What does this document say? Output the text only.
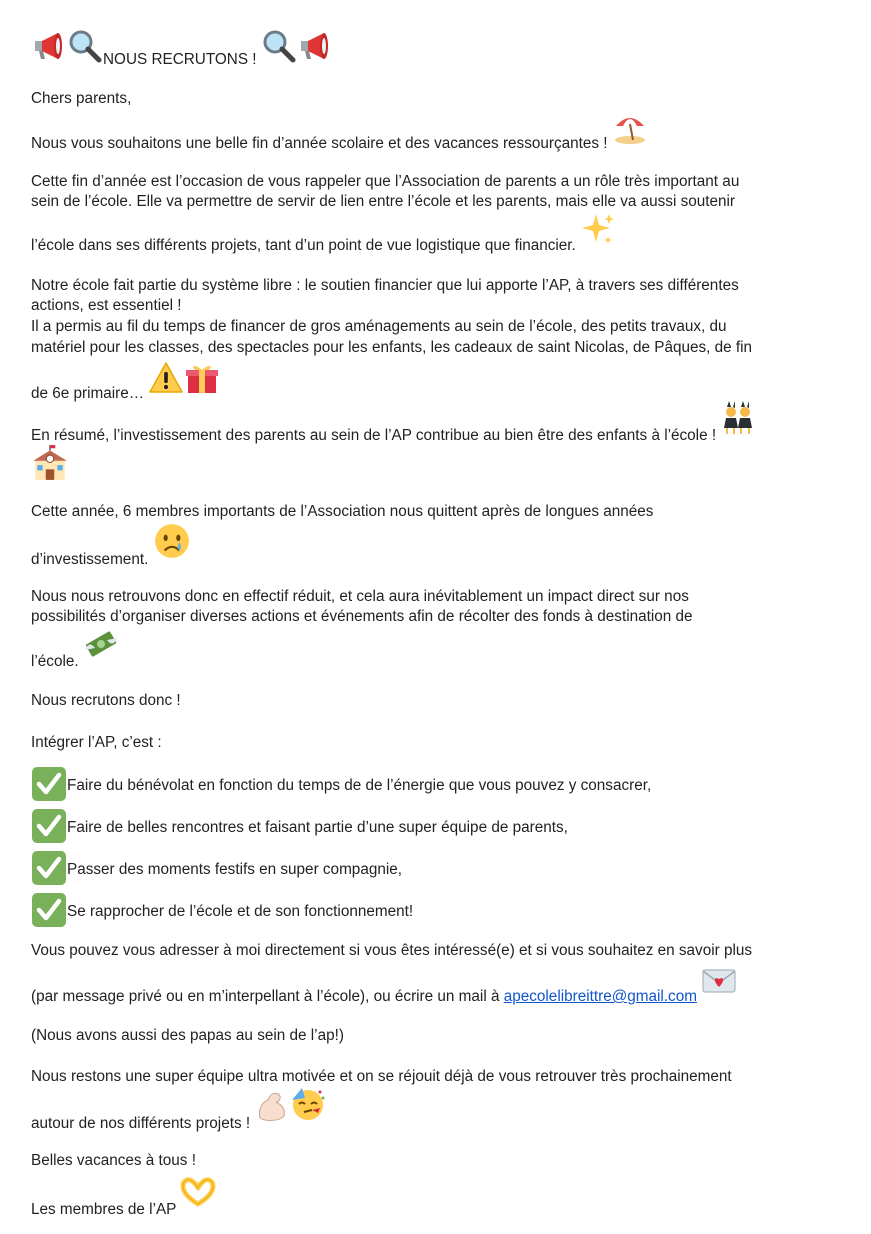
NOUS RECRUTONS !
Chers parents,
Nous vous souhaitons une belle fin d’année scolaire et des vacances ressourçantes !
Cette fin d’année est l’occasion de vous rappeler que l’Association de parents a un rôle très important au
sein de l’école. Elle va permettre de servir de lien entre l’école et les parents, mais elle va aussi soutenir
l’école dans ses différents projets, tant d’un point de vue logistique que financier.
Notre école fait partie du système libre : le soutien financier que lui apporte l’AP, à travers ses différentes
actions, est essentiel !
Il a permis au fil du temps de financer de gros aménagements au sein de l’école, des petits travaux, du
matériel pour les classes, des spectacles pour les enfants, les cadeaux de saint Nicolas, de Pâques, de fin
de 6e primaire…
En résumé, l’investissement des parents au sein de l’AP contribue au bien être des enfants à l’école !
Cette année, 6 membres importants de l’Association nous quittent après de longues années
d’investissement.
Nous nous retrouvons donc en effectif réduit, et cela aura inévitablement un impact direct sur nos
possibilités d’organiser diverses actions et événements afin de récolter des fonds à destination de
l’école.
Nous recrutons donc !
Intégrer l’AP, c’est :
Faire du bénévolat en fonction du temps de de l’énergie que vous pouvez y consacrer,
Faire de belles rencontres et faisant partie d’une super équipe de parents,
Passer des moments festifs en super compagnie,
Se rapprocher de l’école et de son fonctionnement!
Vous pouvez vous adresser à moi directement si vous êtes intéressé(e) et si vous souhaitez en savoir plus
(par message privé ou en m’interpellant à l’école), ou écrire un mail à apecolelibreittre@gmail.com
(Nous avons aussi des papas au sein de l’ap!)
Nous restons une super équipe ultra motivée et on se réjouit déjà de vous retrouver très prochainement
autour de nos différents projets !
Belles vacances à tous !
Les membres de l’AP
